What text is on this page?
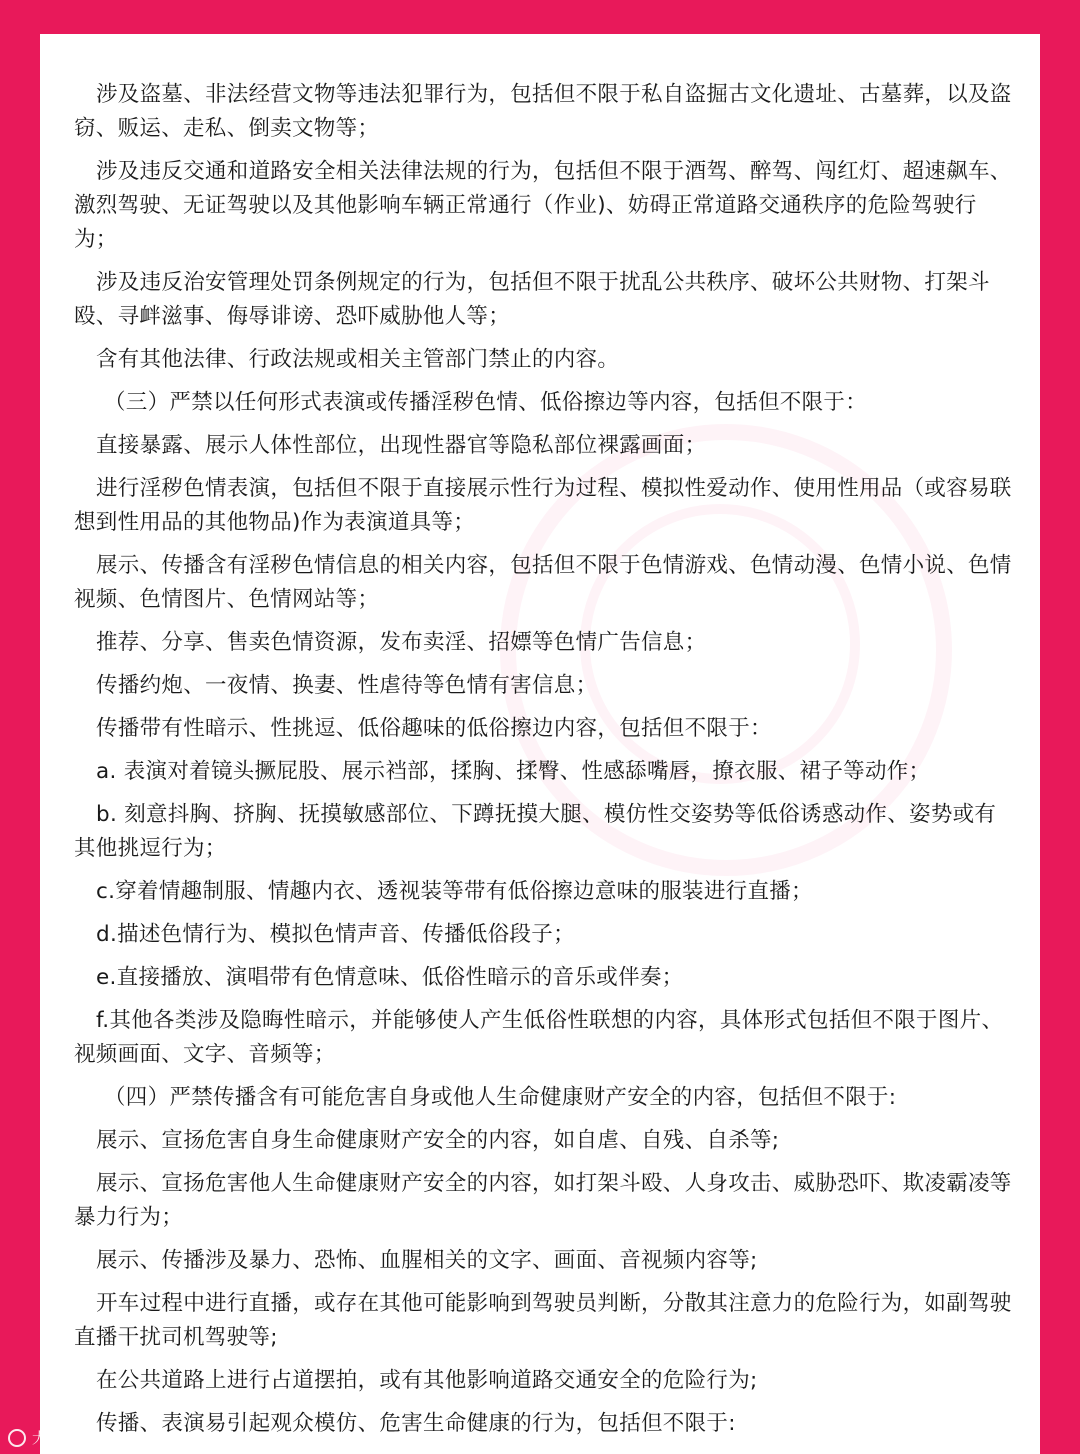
涉及盗墓、非法经营文物等违法犯罪行为，包括但不限于私自盗掘古文化遗址、古墓葬，以及盗窃、贩运、走私、倒卖文物等；

涉及违反交通和道路安全相关法律法规的行为，包括但不限于酒驾、醉驾、闯红灯、超速飙车、激烈驾驶、无证驾驶以及其他影响车辆正常通行（作业)、妨碍正常道路交通秩序的危险驾驶行为；

涉及违反治安管理处罚条例规定的行为，包括但不限于扰乱公共秩序、破坏公共财物、打架斗殴、寻衅滋事、侮辱诽谤、恐吓威胁他人等；

含有其他法律、行政法规或相关主管部门禁止的内容。

（三）严禁以任何形式表演或传播淫秽色情、低俗擦边等内容，包括但不限于：

直接暴露、展示人体性部位，出现性器官等隐私部位裸露画面；

进行淫秽色情表演，包括但不限于直接展示性行为过程、模拟性爱动作、使用性用品（或容易联想到性用品的其他物品)作为表演道具等；

展示、传播含有淫秽色情信息的相关内容，包括但不限于色情游戏、色情动漫、色情小说、色情视频、色情图片、色情网站等；

推荐、分享、售卖色情资源，发布卖淫、招嫖等色情广告信息；

传播约炮、一夜情、换妻、性虐待等色情有害信息；

传播带有性暗示、性挑逗、低俗趣味的低俗擦边内容，包括但不限于：

a. 表演对着镜头撅屁股、展示裆部，揉胸、揉臀、性感舔嘴唇，撩衣服、裙子等动作；

b. 刻意抖胸、挤胸、抚摸敏感部位、下蹲抚摸大腿、模仿性交姿势等低俗诱惑动作、姿势或有其他挑逗行为；

c.穿着情趣制服、情趣内衣、透视装等带有低俗擦边意味的服装进行直播；

d.描述色情行为、模拟色情声音、传播低俗段子；

e.直接播放、演唱带有色情意味、低俗性暗示的音乐或伴奏；

f.其他各类涉及隐晦性暗示，并能够使人产生低俗性联想的内容，具体形式包括但不限于图片、视频画面、文字、音频等；

（四）严禁传播含有可能危害自身或他人生命健康财产安全的内容，包括但不限于:

展示、宣扬危害自身生命健康财产安全的内容，如自虐、自残、自杀等;

展示、宣扬危害他人生命健康财产安全的内容，如打架斗殴、人身攻击、威胁恐吓、欺凌霸凌等暴力行为；

展示、传播涉及暴力、恐怖、血腥相关的文字、画面、音视频内容等;

开车过程中进行直播，或存在其他可能影响到驾驶员判断，分散其注意力的危险行为，如副驾驶直播干扰司机驾驶等;

在公共道路上进行占道摆拍，或有其他影响道路交通安全的危险行为;

传播、表演易引起观众模仿、危害生命健康的行为，包括但不限于:

大数传播
